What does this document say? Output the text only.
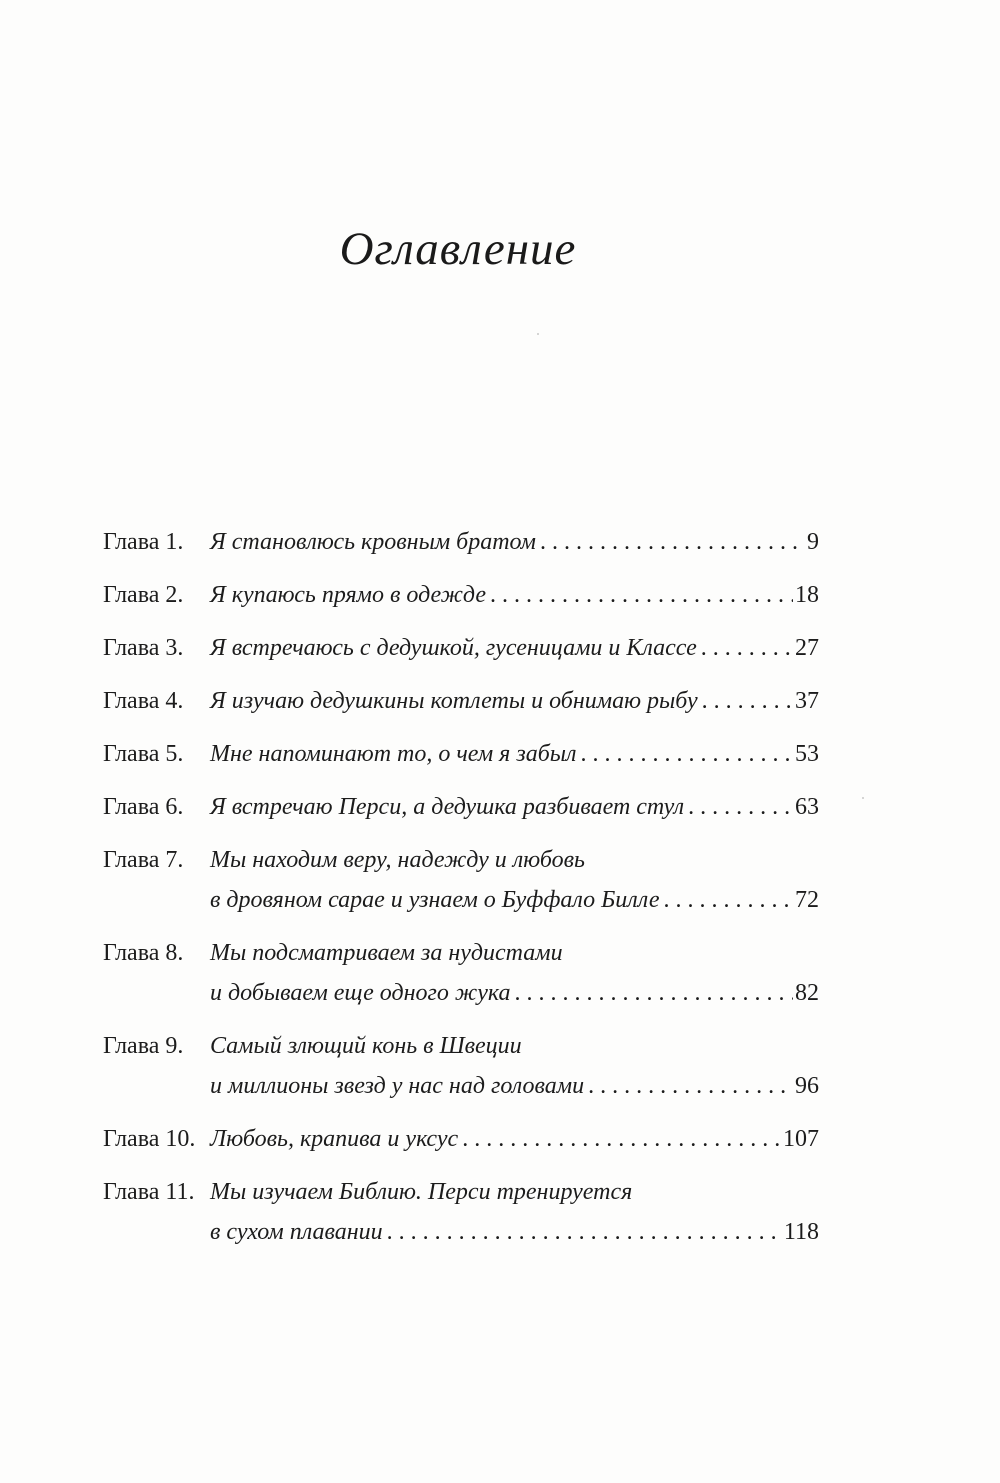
Оглавление
Глава 1.	Я становлюсь кровным братом . . .	9
Глава 2.	Я купаюсь прямо в одежде . . .	18
Глава 3.	Я встречаюсь с дедушкой, гусеницами и Классе . . .	27
Глава 4.	Я изучаю дедушкины котлеты и обнимаю рыбу . . .	37
Глава 5.	Мне напоминают то, о чем я забыл . . .	53
Глава 6.	Я встречаю Перси, а дедушка разбивает стул . . .	63
Глава 7.	Мы находим веру, надежду и любовь
в дровяном сарае и узнаем о Буффало Билле . . .	72
Глава 8.	Мы подсматриваем за нудистами
и добываем еще одного жука . . .	82
Глава 9.	Самый злющий конь в Швеции
и миллионы звезд у нас над головами . . .	96
Глава 10. Любовь, крапива и уксус . . .	107
Глава 11. Мы изучаем Библию. Перси тренируется
в сухом плавании . . .	118
